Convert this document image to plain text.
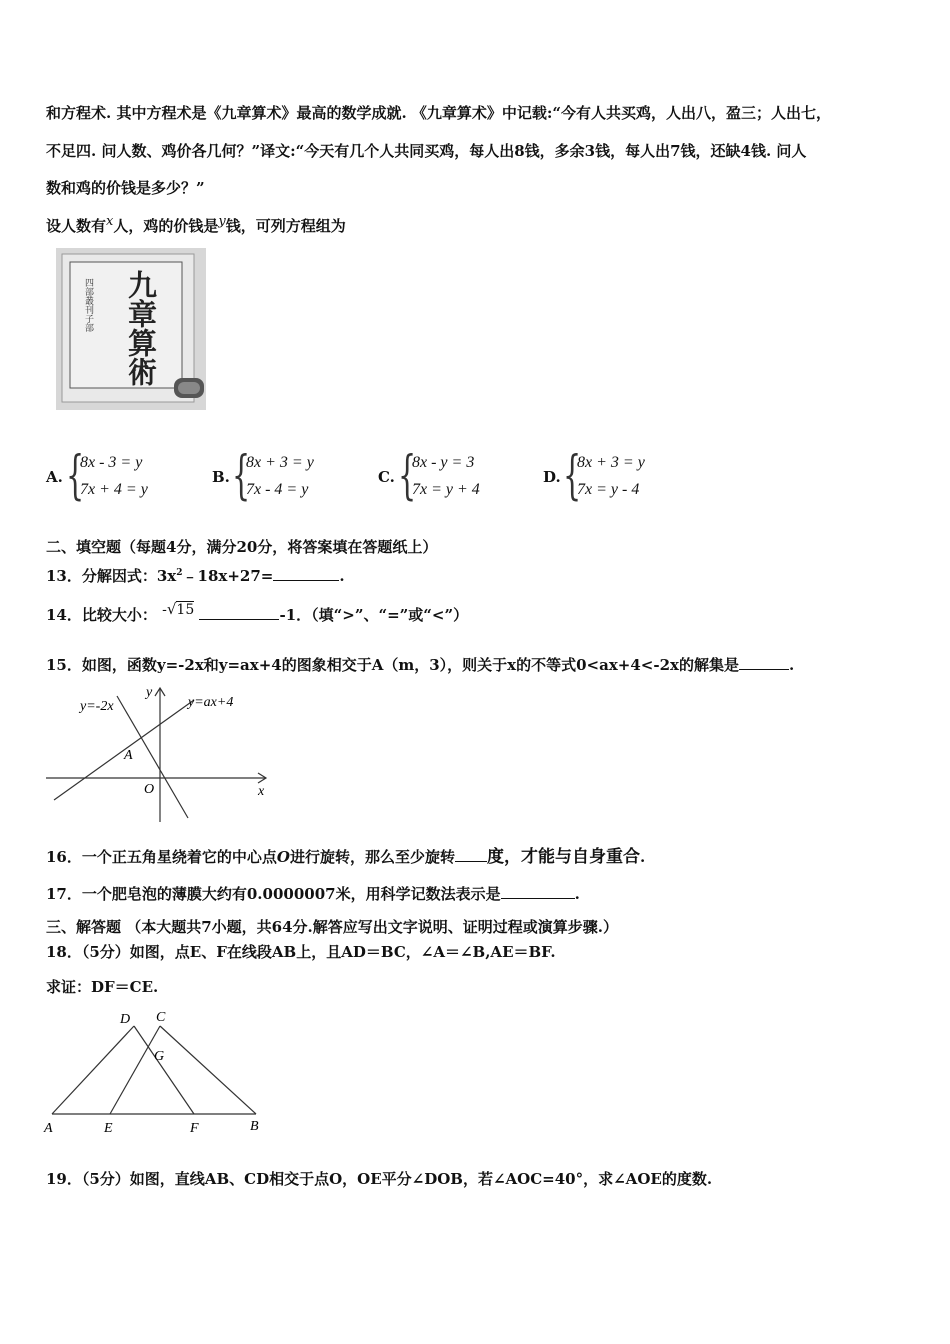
和方程术. 其中方程术是《九章算术》最高的数学成就. 《九章算术》中记载:“今有人共买鸡，人出八，盈三；人出七，
不足四. 问人数、鸡价各几何？”译文:“今天有几个人共同买鸡，每人出8钱，多余3钱，每人出7钱，还缺4钱. 问人
数和鸡的价钱是多少？”
设人数有x人，鸡的价钱是y钱，可列方程组为
九章算術
四部叢刊子部
A. {
8x - 3 = y
7x + 4 = y
B. {
8x + 3 = y
7x - 4 = y
C. {
8x - y = 3
7x = y + 4
D. {
8x + 3 = y
7x = y - 4
二、填空题（每题4分，满分20分，将答案填在答题纸上）
13．分解因式：$3x^2﹣18x+27=$	.
14．比较大小： -√15	-1．（填“>”、“=”或“<”）
15．如图，函数y=-2x和y=ax+4的图象相交于A（m，3），则关于x的不等式0<ax+4<-2x的解集是	.
y=-2x	y=ax+4
y
x
A
O
16．一个正五角星绕着它的中心点O进行旋转，那么至少旋转 度，才能与自身重合.
17．一个肥皂泡的薄膜大约有0.0000007米，用科学记数法表示是	.
三、解答题 （本大题共7小题，共64分.解答应写出文字说明、证明过程或演算步骤.）
18．（5分）如图，点E、F在线段AB上，且AD＝BC，∠A＝∠B,AE＝BF.
求证：DF＝CE.
D C
G
A	E	F	B
19．（5分）如图，直线AB、CD相交于点O，OE平分∠DOB，若∠AOC=40°，求∠AOE的度数.
